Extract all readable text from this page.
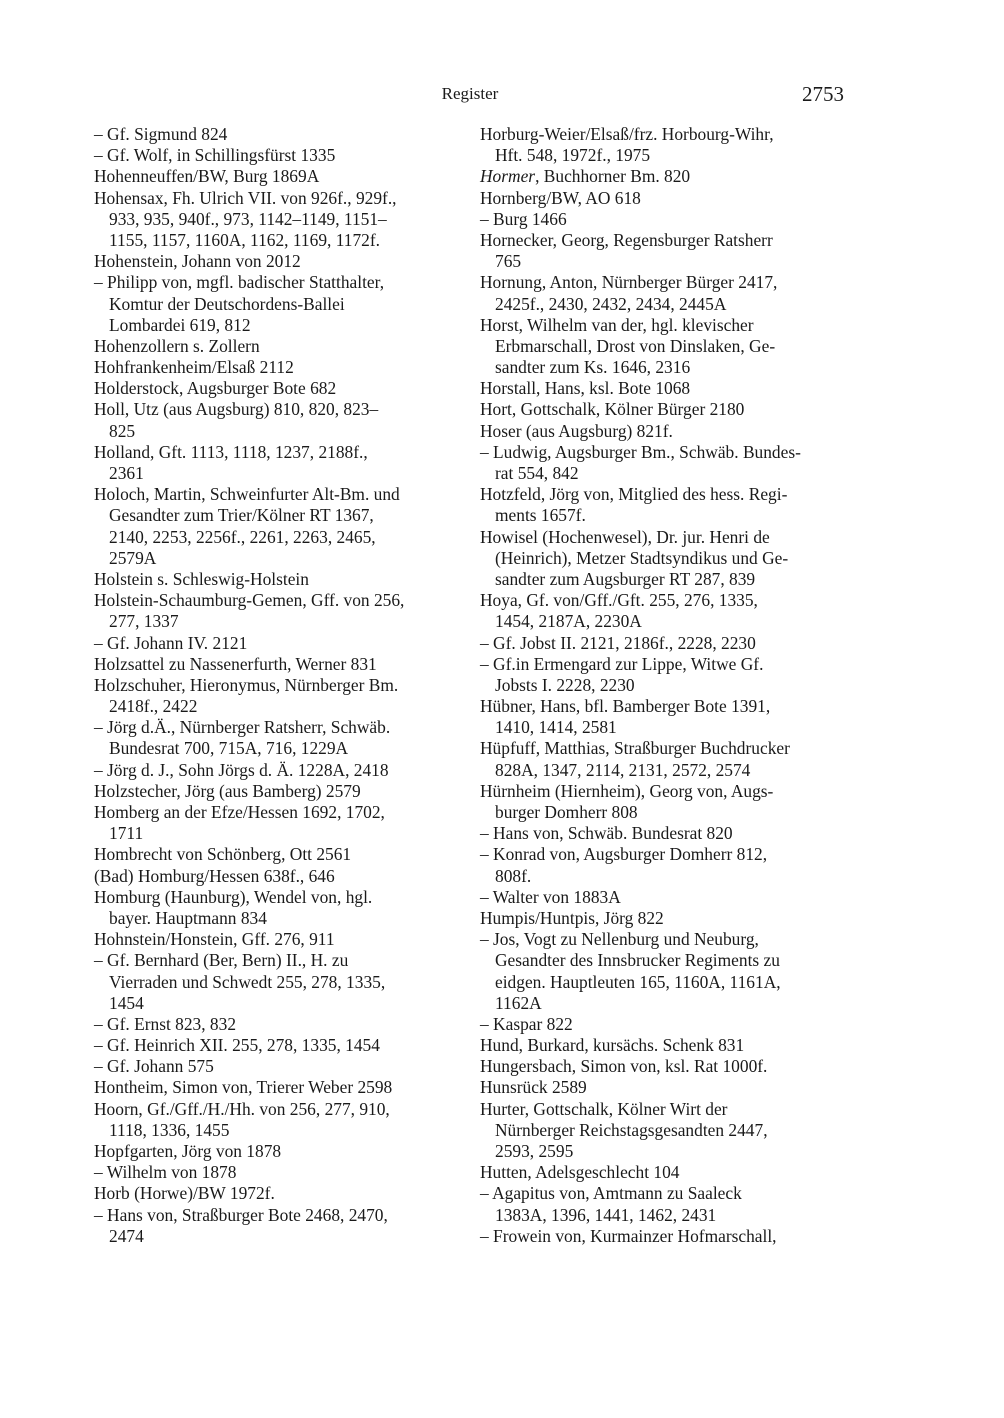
Register	2753
– Gf. Sigmund 824
– Gf. Wolf, in Schillingsfürst 1335
Hohenneuffen/BW, Burg 1869A
Hohensax, Fh. Ulrich VII. von 926f., 929f.,
933, 935, 940f., 973, 1142–1149, 1151–
1155, 1157, 1160A, 1162, 1169, 1172f.
Hohenstein, Johann von 2012
– Philipp von, mgfl. badischer Statthalter,
Komtur der Deutschordens-Ballei
Lombardei 619, 812
Hohenzollern s. Zollern
Hohfrankenheim/Elsaß 2112
Holderstock, Augsburger Bote 682
Holl, Utz (aus Augsburg) 810, 820, 823–
825
Holland, Gft. 1113, 1118, 1237, 2188f.,
2361
Holoch, Martin, Schweinfurter Alt-Bm. und
Gesandter zum Trier/Kölner RT 1367,
2140, 2253, 2256f., 2261, 2263, 2465,
2579A
Holstein s. Schleswig-Holstein
Holstein-Schaumburg-Gemen, Gff. von 256,
277, 1337
– Gf. Johann IV. 2121
Holzsattel zu Nassenerfurth, Werner 831
Holzschuher, Hieronymus, Nürnberger Bm.
2418f., 2422
– Jörg d.Ä., Nürnberger Ratsherr, Schwäb.
Bundesrat 700, 715A, 716, 1229A
– Jörg d. J., Sohn Jörgs d. Ä. 1228A, 2418
Holzstecher, Jörg (aus Bamberg) 2579
Homberg an der Efze/Hessen 1692, 1702,
1711
Hombrecht von Schönberg, Ott 2561
(Bad) Homburg/Hessen 638f., 646
Homburg (Haunburg), Wendel von, hgl.
bayer. Hauptmann 834
Hohnstein/Honstein, Gff. 276, 911
– Gf. Bernhard (Ber, Bern) II., H. zu
Vierraden und Schwedt 255, 278, 1335,
1454
– Gf. Ernst 823, 832
– Gf. Heinrich XII. 255, 278, 1335, 1454
– Gf. Johann 575
Hontheim, Simon von, Trierer Weber 2598
Hoorn, Gf./Gff./H./Hh. von 256, 277, 910,
1118, 1336, 1455
Hopfgarten, Jörg von 1878
– Wilhelm von 1878
Horb (Horwe)/BW 1972f.
– Hans von, Straßburger Bote 2468, 2470,
2474
Horburg-Weier/Elsaß/frz. Horbourg-Wihr,
Hft. 548, 1972f., 1975
Hormer, Buchhorner Bm. 820
Hornberg/BW, AO 618
– Burg 1466
Hornecker, Georg, Regensburger Ratsherr
765
Hornung, Anton, Nürnberger Bürger 2417,
2425f., 2430, 2432, 2434, 2445A
Horst, Wilhelm van der, hgl. klevischer
Erbmarschall, Drost von Dinslaken, Ge-
sandter zum Ks. 1646, 2316
Horstall, Hans, ksl. Bote 1068
Hort, Gottschalk, Kölner Bürger 2180
Hoser (aus Augsburg) 821f.
– Ludwig, Augsburger Bm., Schwäb. Bundes-
rat 554, 842
Hotzfeld, Jörg von, Mitglied des hess. Regi-
ments 1657f.
Howisel (Hochenwesel), Dr. jur. Henri de
(Heinrich), Metzer Stadtsyndikus und Ge-
sandter zum Augsburger RT 287, 839
Hoya, Gf. von/Gff./Gft. 255, 276, 1335,
1454, 2187A, 2230A
– Gf. Jobst II. 2121, 2186f., 2228, 2230
– Gf.in Ermengard zur Lippe, Witwe Gf.
Jobsts I. 2228, 2230
Hübner, Hans, bfl. Bamberger Bote 1391,
1410, 1414, 2581
Hüpfuff, Matthias, Straßburger Buchdrucker
828A, 1347, 2114, 2131, 2572, 2574
Hürnheim (Hiernheim), Georg von, Augs-
burger Domherr 808
– Hans von, Schwäb. Bundesrat 820
– Konrad von, Augsburger Domherr 812,
808f.
– Walter von 1883A
Humpis/Huntpis, Jörg 822
– Jos, Vogt zu Nellenburg und Neuburg,
Gesandter des Innsbrucker Regiments zu
eidgen. Hauptleuten 165, 1160A, 1161A,
1162A
– Kaspar 822
Hund, Burkard, kursächs. Schenk 831
Hungersbach, Simon von, ksl. Rat 1000f.
Hunsrück 2589
Hurter, Gottschalk, Kölner Wirt der
Nürnberger Reichstagsgesandten 2447,
2593, 2595
Hutten, Adelsgeschlecht 104
– Agapitus von, Amtmann zu Saaleck
1383A, 1396, 1441, 1462, 2431
– Frowein von, Kurmainzer Hofmarschall,
